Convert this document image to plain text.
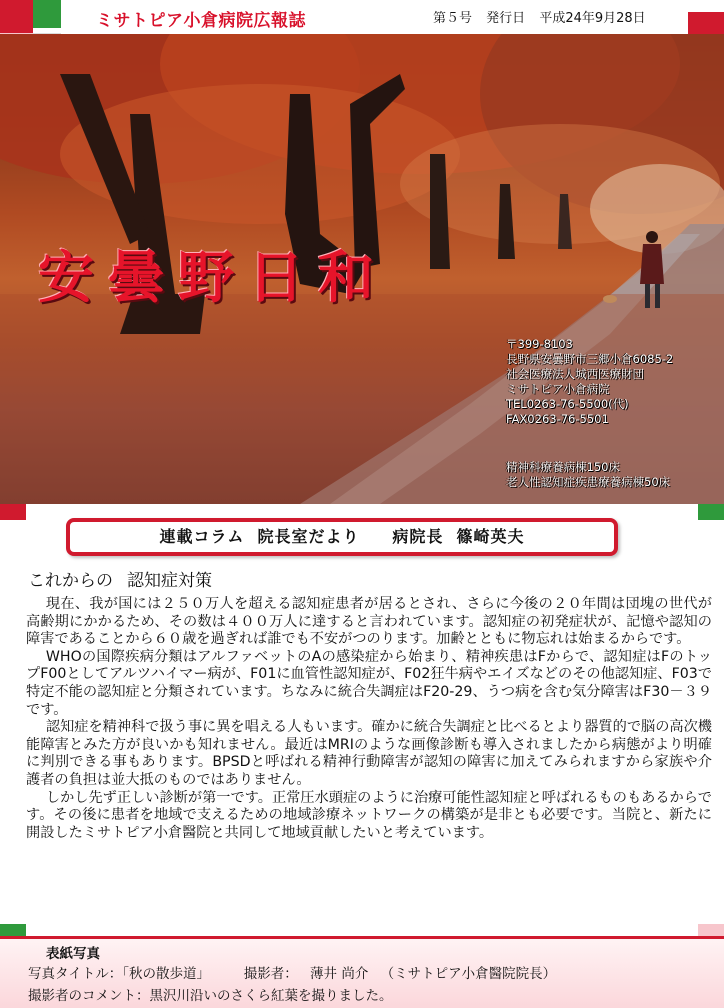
ミサトピア小倉病院広報誌	第５号 発行日 平成24年9月28日
安曇野日和
〒399-8103
長野県安曇野市三郷小倉6085-2
社会医療法人城西医療財団
ミサトピア小倉病院
TEL0263-76-5500(代)
FAX0263-76-5501
精神科療養病棟150床
老人性認知症疾患療養病棟50床
連載コラム 院長室だより 病院長 篠崎英夫
これからの 認知症対策

現在、我が国には２５０万人を超える認知症患者が居るとされ、さらに今後の２０年間は団塊の世代が高齢期にかかるため、その数は４００万人に達すると言われています。認知症の初発症状が、記憶や認知の障害であることから６０歳を過ぎれば誰でも不安がつのります。加齢とともに物忘れは始まるからです。

WHOの国際疾病分類はアルファベットのAの感染症から始まり、精神疾患はFからで、認知症はFのトップF00としてアルツハイマー病が、F01に血管性認知症が、F02狂牛病やエイズなどのその他認知症、F03で特定不能の認知症と分類されています。ちなみに統合失調症はF20-29、うつ病を含む気分障害はF30－３９です。

認知症を精神科で扱う事に異を唱える人もいます。確かに統合失調症と比べるとより器質的で脳の高次機能障害とみた方が良いかも知れません。最近はMRIのような画像診断も導入されましたから病態がより明確に判別できる事もあります。BPSDと呼ばれる精神行動障害が認知の障害に加えてみられますから家族や介護者の負担は並大抵のものではありません。

しかし先ず正しい診断が第一です。正常圧水頭症のように治療可能性認知症と呼ばれるものもあるからです。その後に患者を地域で支えるための地域診療ネットワークの構築が是非とも必要です。当院と、新たに開設したミサトピア小倉醫院と共同して地域貢献したいと考えています。

表紙写真
写真タイトル：「秋の散歩道」	撮影者： 薄井 尚介 （ミサトピア小倉醫院院長）
撮影者のコメント：黒沢川沿いのさくら紅葉を撮りました。
